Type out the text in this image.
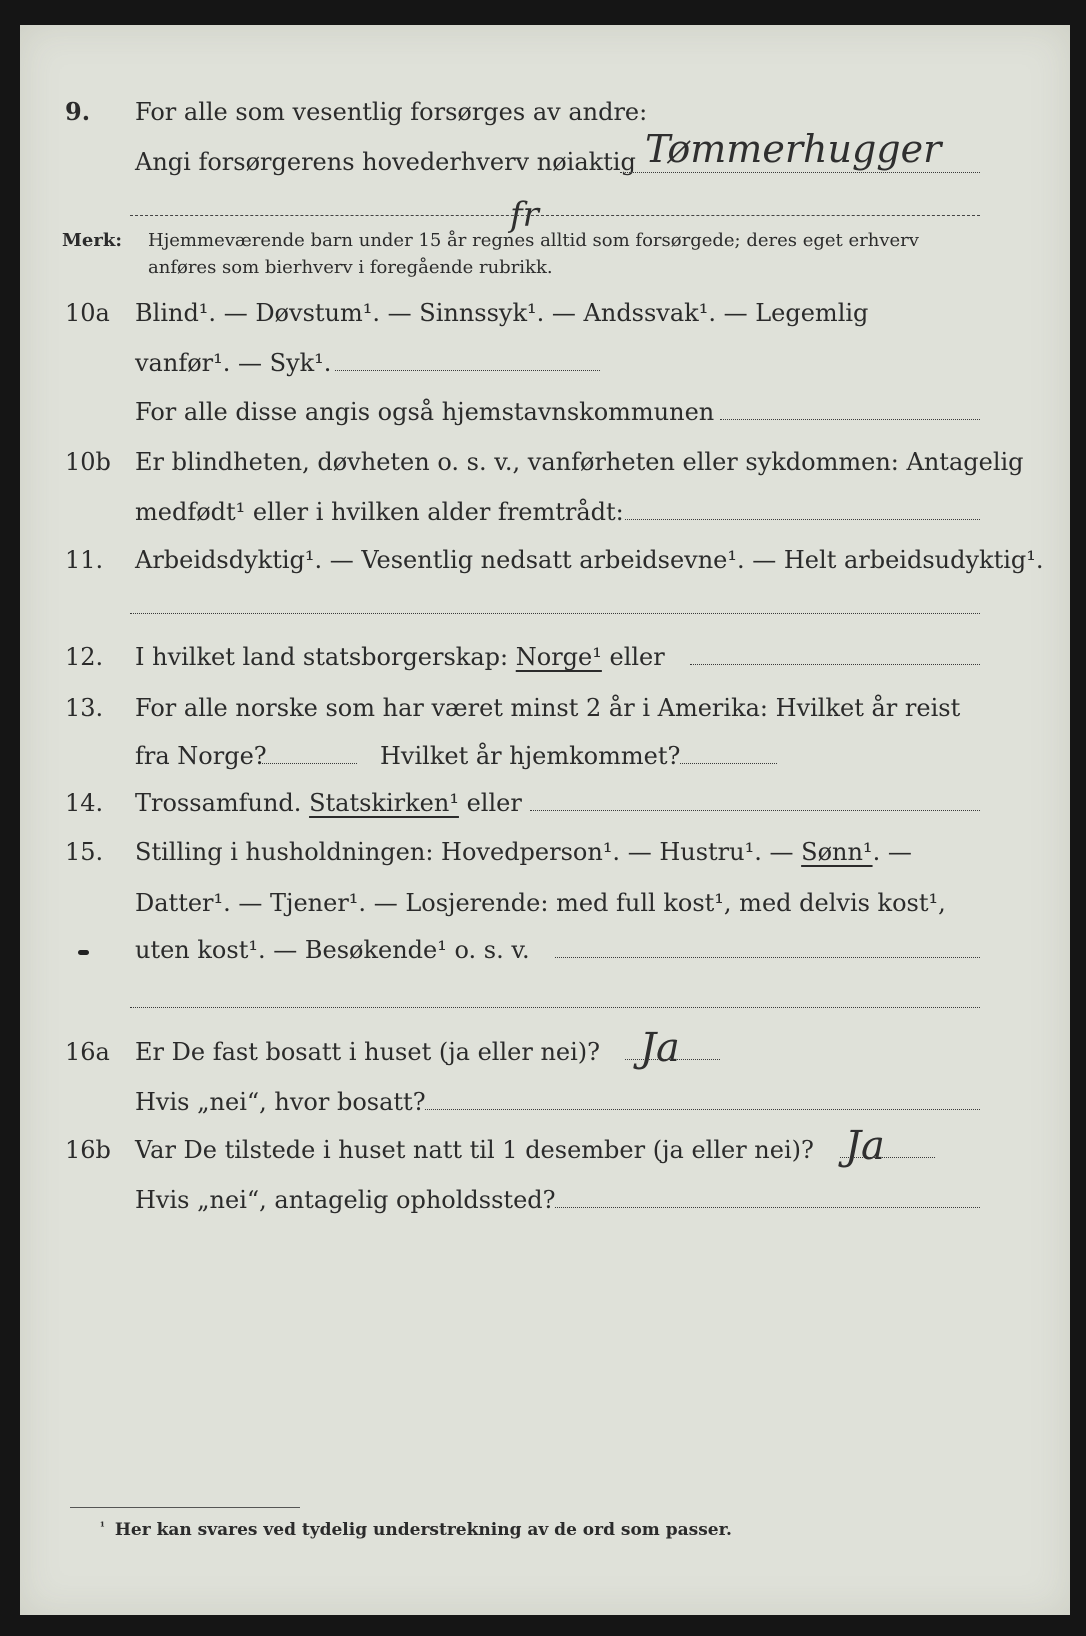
9. For alle som vesentlig forsørges av andre:
Angi forsørgerens hovederhverv nøiaktig Tømmerhugger
fr
Merk: Hjemmeværende barn under 15 år regnes alltid som forsørgede; deres eget erhverv
anføres som bierhverv i foregående rubrikk.
10a Blind¹. — Døvstum¹. — Sinnssyk¹. — Andssvak¹. — Legemlig
vanfør¹. — Syk¹.
For alle disse angis også hjemstavnskommunen
10b Er blindheten, døvheten o. s. v., vanførheten eller sykdommen: Antagelig
medfødt¹ eller i hvilken alder fremtrådt:
11. Arbeidsdyktig¹. — Vesentlig nedsatt arbeidsevne¹. — Helt arbeidsudyktig¹.
12. I hvilket land statsborgerskap: Norge¹ eller
13. For alle norske som har været minst 2 år i Amerika: Hvilket år reist
fra Norge?	Hvilket år hjemkommet?
14. Trossamfund. Statskirken¹ eller
15. Stilling i husholdningen: Hovedperson¹. — Hustru¹. — Sønn¹. —
Datter¹. — Tjener¹. — Losjerende: med full kost¹, med delvis kost¹,
uten kost¹. — Besøkende¹ o. s. v.
16a Er De fast bosatt i huset (ja eller nei)? Ja
Hvis „nei“, hvor bosatt?
16b Var De tilstede i huset natt til 1 desember (ja eller nei)? Ja
Hvis „nei“, antagelig opholdssted?
$^{^1}$ Her kan svares ved tydelig understrekning av de ord som passer.
